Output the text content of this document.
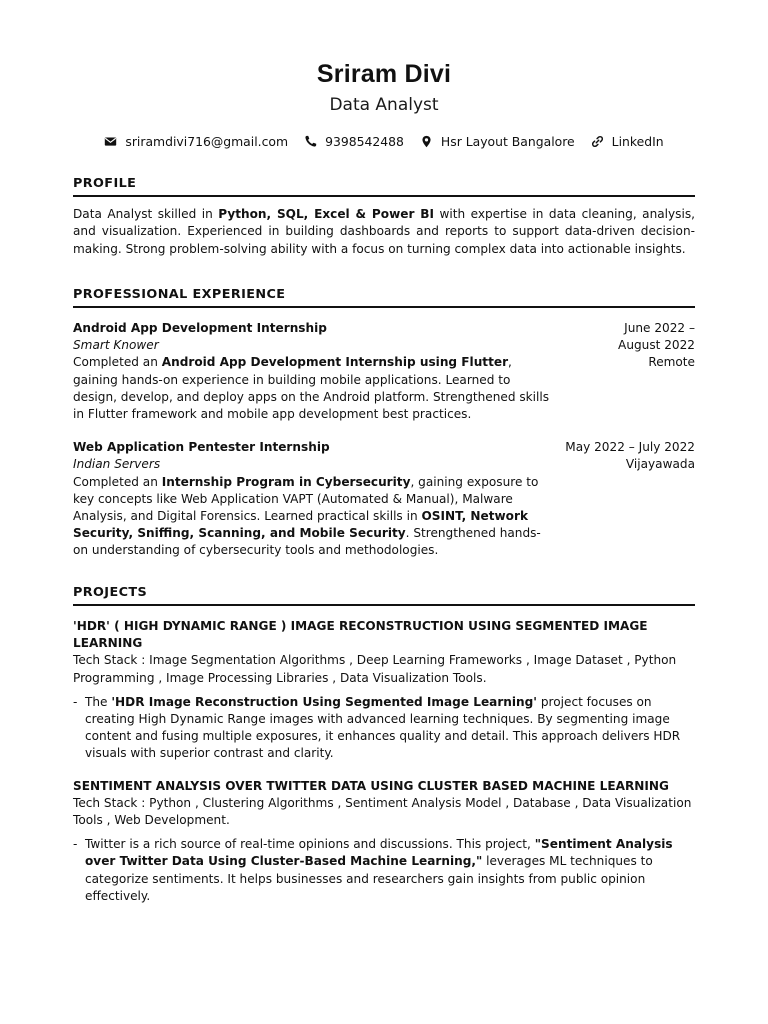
Sriram Divi
Data Analyst
sriramdivi716@gmail.com	9398542488	Hsr Layout Bangalore	LinkedIn
PROFILE
Data Analyst skilled in Python, SQL, Excel & Power BI with expertise in data cleaning, analysis, and visualization. Experienced in building dashboards and reports to support data-driven decision-making. Strong problem-solving ability with a focus on turning complex data into actionable insights.
PROFESSIONAL EXPERIENCE
Android App Development Internship
Smart Knower
Completed an Android App Development Internship using Flutter, gaining hands-on experience in building mobile applications. Learned to design, develop, and deploy apps on the Android platform. Strengthened skills in Flutter framework and mobile app development best practices.
June 2022 –
August 2022
Remote
Web Application Pentester Internship
Indian Servers
Completed an Internship Program in Cybersecurity, gaining exposure to key concepts like Web Application VAPT (Automated & Manual), Malware Analysis, and Digital Forensics. Learned practical skills in OSINT, Network Security, Sniffing, Scanning, and Mobile Security. Strengthened hands-on understanding of cybersecurity tools and methodologies.
May 2022 – July 2022
Vijayawada
PROJECTS
'HDR' ( HIGH DYNAMIC RANGE ) IMAGE RECONSTRUCTION USING SEGMENTED IMAGE LEARNING
Tech Stack : Image Segmentation Algorithms , Deep Learning Frameworks , Image Dataset , Python Programming , Image Processing Libraries , Data Visualization Tools.
- The 'HDR Image Reconstruction Using Segmented Image Learning' project focuses on creating High Dynamic Range images with advanced learning techniques. By segmenting image content and fusing multiple exposures, it enhances quality and detail. This approach delivers HDR visuals with superior contrast and clarity.
SENTIMENT ANALYSIS OVER TWITTER DATA USING CLUSTER BASED MACHINE LEARNING
Tech Stack : Python , Clustering Algorithms , Sentiment Analysis Model , Database , Data Visualization Tools , Web Development.
- Twitter is a rich source of real-time opinions and discussions. This project, "Sentiment Analysis over Twitter Data Using Cluster-Based Machine Learning," leverages ML techniques to categorize sentiments. It helps businesses and researchers gain insights from public opinion effectively.
